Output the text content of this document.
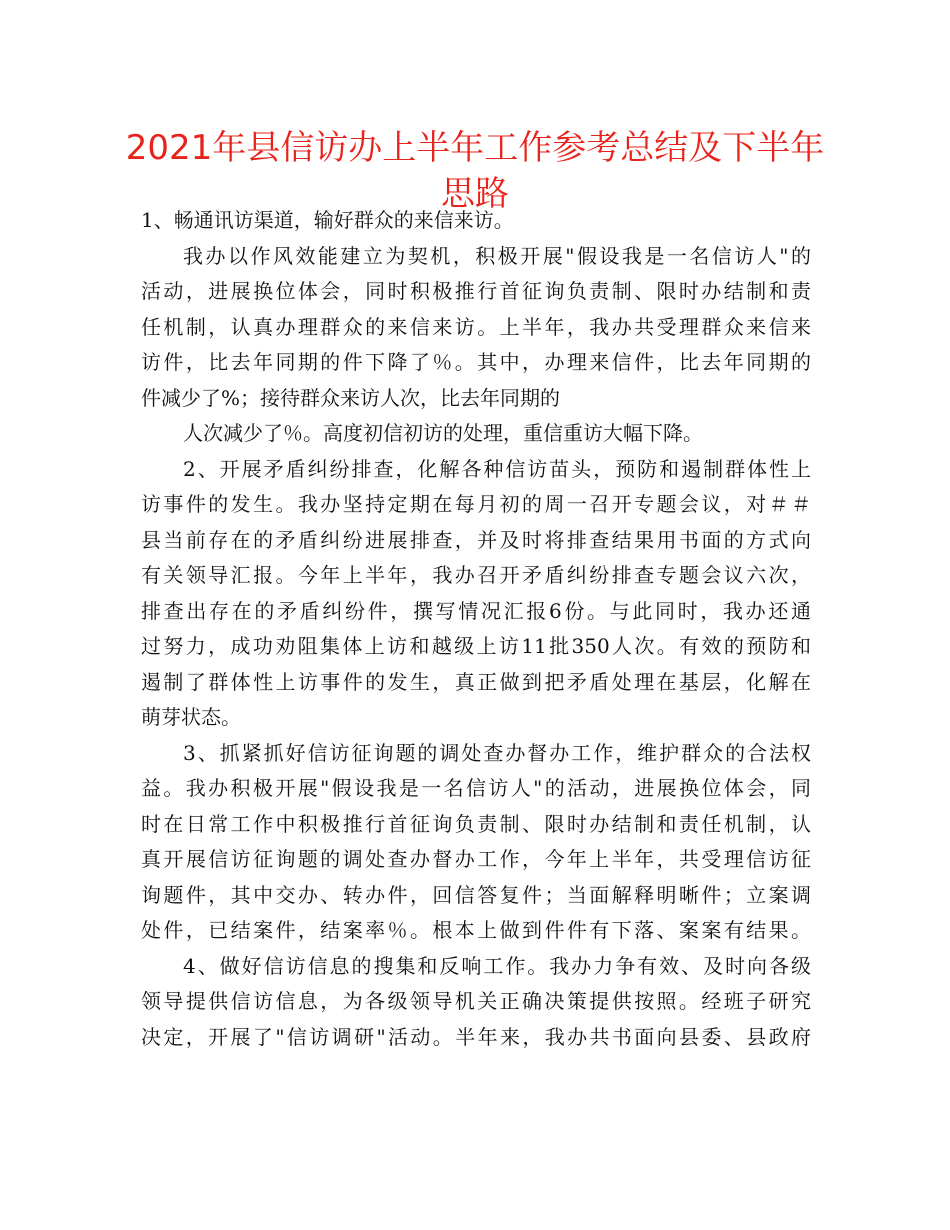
2021年县信访办上半年工作参考总结及下半年
思路
1、畅通讯访渠道，输好群众的来信来访。
我办以作风效能建立为契机，积极开展"假设我是一名信访人"的
活动，进展换位体会，同时积极推行首征询负责制、限时办结制和责
任机制，认真办理群众的来信来访。上半年，我办共受理群众来信来
访件，比去年同期的件下降了％。其中，办理来信件，比去年同期的
件减少了%；接待群众来访人次，比去年同期的
人次减少了％。高度初信初访的处理，重信重访大幅下降。
2、开展矛盾纠纷排查，化解各种信访苗头，预防和遏制群体性上
访事件的发生。我办坚持定期在每月初的周一召开专题会议，对＃＃
县当前存在的矛盾纠纷进展排查，并及时将排查结果用书面的方式向
有关领导汇报。今年上半年，我办召开矛盾纠纷排查专题会议六次，
排查出存在的矛盾纠纷件，撰写情况汇报6份。与此同时，我办还通
过努力，成功劝阻集体上访和越级上访11批350人次。有效的预防和
遏制了群体性上访事件的发生，真正做到把矛盾处理在基层，化解在
萌芽状态。
3、抓紧抓好信访征询题的调处查办督办工作，维护群众的合法权
益。我办积极开展"假设我是一名信访人"的活动，进展换位体会，同
时在日常工作中积极推行首征询负责制、限时办结制和责任机制，认
真开展信访征询题的调处查办督办工作，今年上半年，共受理信访征
询题件，其中交办、转办件，回信答复件；当面解释明晰件；立案调
处件，已结案件，结案率％。根本上做到件件有下落、案案有结果。
4、做好信访信息的搜集和反响工作。我办力争有效、及时向各级
领导提供信访信息，为各级领导机关正确决策提供按照。经班子研究
决定，开展了"信访调研"活动。半年来，我办共书面向县委、县政府
